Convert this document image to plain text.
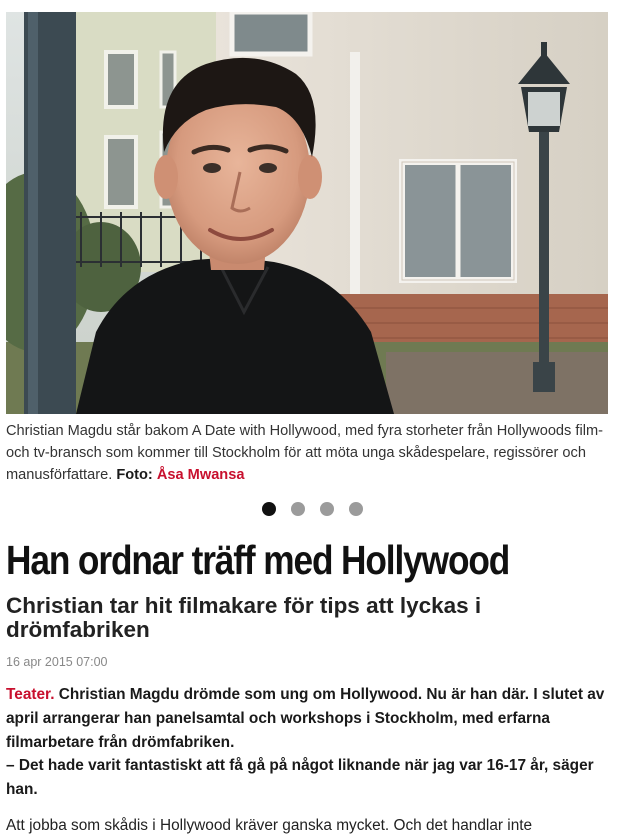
Christian Magdu står bakom A Date with Hollywood, med fyra storheter från Hollywoods film- och tv-bransch som kommer till Stockholm för att möta unga skådespelare, regissörer och manusförfattare. Foto: Åsa Mwansa

Han ordnar träff med Hollywood
Christian tar hit filmakare för tips att lyckas i drömfabriken
16 apr 2015 07:00

Teater. Christian Magdu drömde som ung om Hollywood. Nu är han där. I slutet av april arrangerar han panelsamtal och workshops i Stockholm, med erfarna filmarbetare från drömfabriken.
– Det hade varit fantastiskt att få gå på något liknande när jag var 16-17 år, säger han.

Att jobba som skådis i Hollywood kräver ganska mycket. Och det handlar inte
